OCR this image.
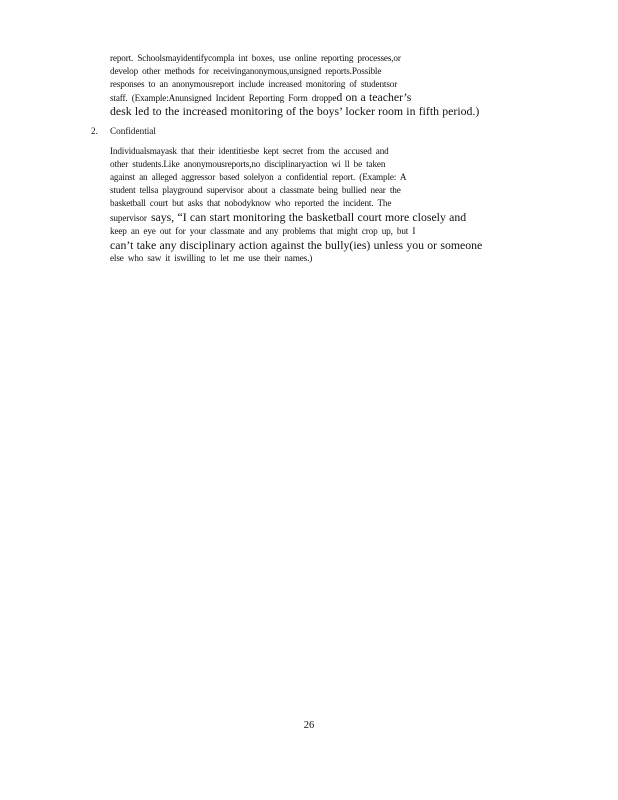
report. Schoolsmayidentifycompla int boxes, use online reporting processes,or
develop other methods for receivinganonymous,unsigned reports.Possible
responses to an anonymousreport include increased monitoring of studentsor
staff. (Example:Anunsigned Incident Reporting Form dropped on a teacher’s
desk led to the increased monitoring of the boys’ locker room in fifth period.)
2. Confidential
Individualsmayask that their identitiesbe kept secret from the accused and
other students.Like anonymousreports,no disciplinaryaction wi ll be taken
against an alleged aggressor based solelyon a confidential report. (Example: A
student tellsa playground supervisor about a classmate being bullied near the
basketball court but asks that nobodyknow who reported the incident. The
supervisor says, “I can start monitoring the basketball court more closely and
keep an eye out for your classmate and any problems that might crop up, but I
can’t take any disciplinary action against the bully(ies) unless you or someone
else who saw it iswilling to let me use their names.)
26
